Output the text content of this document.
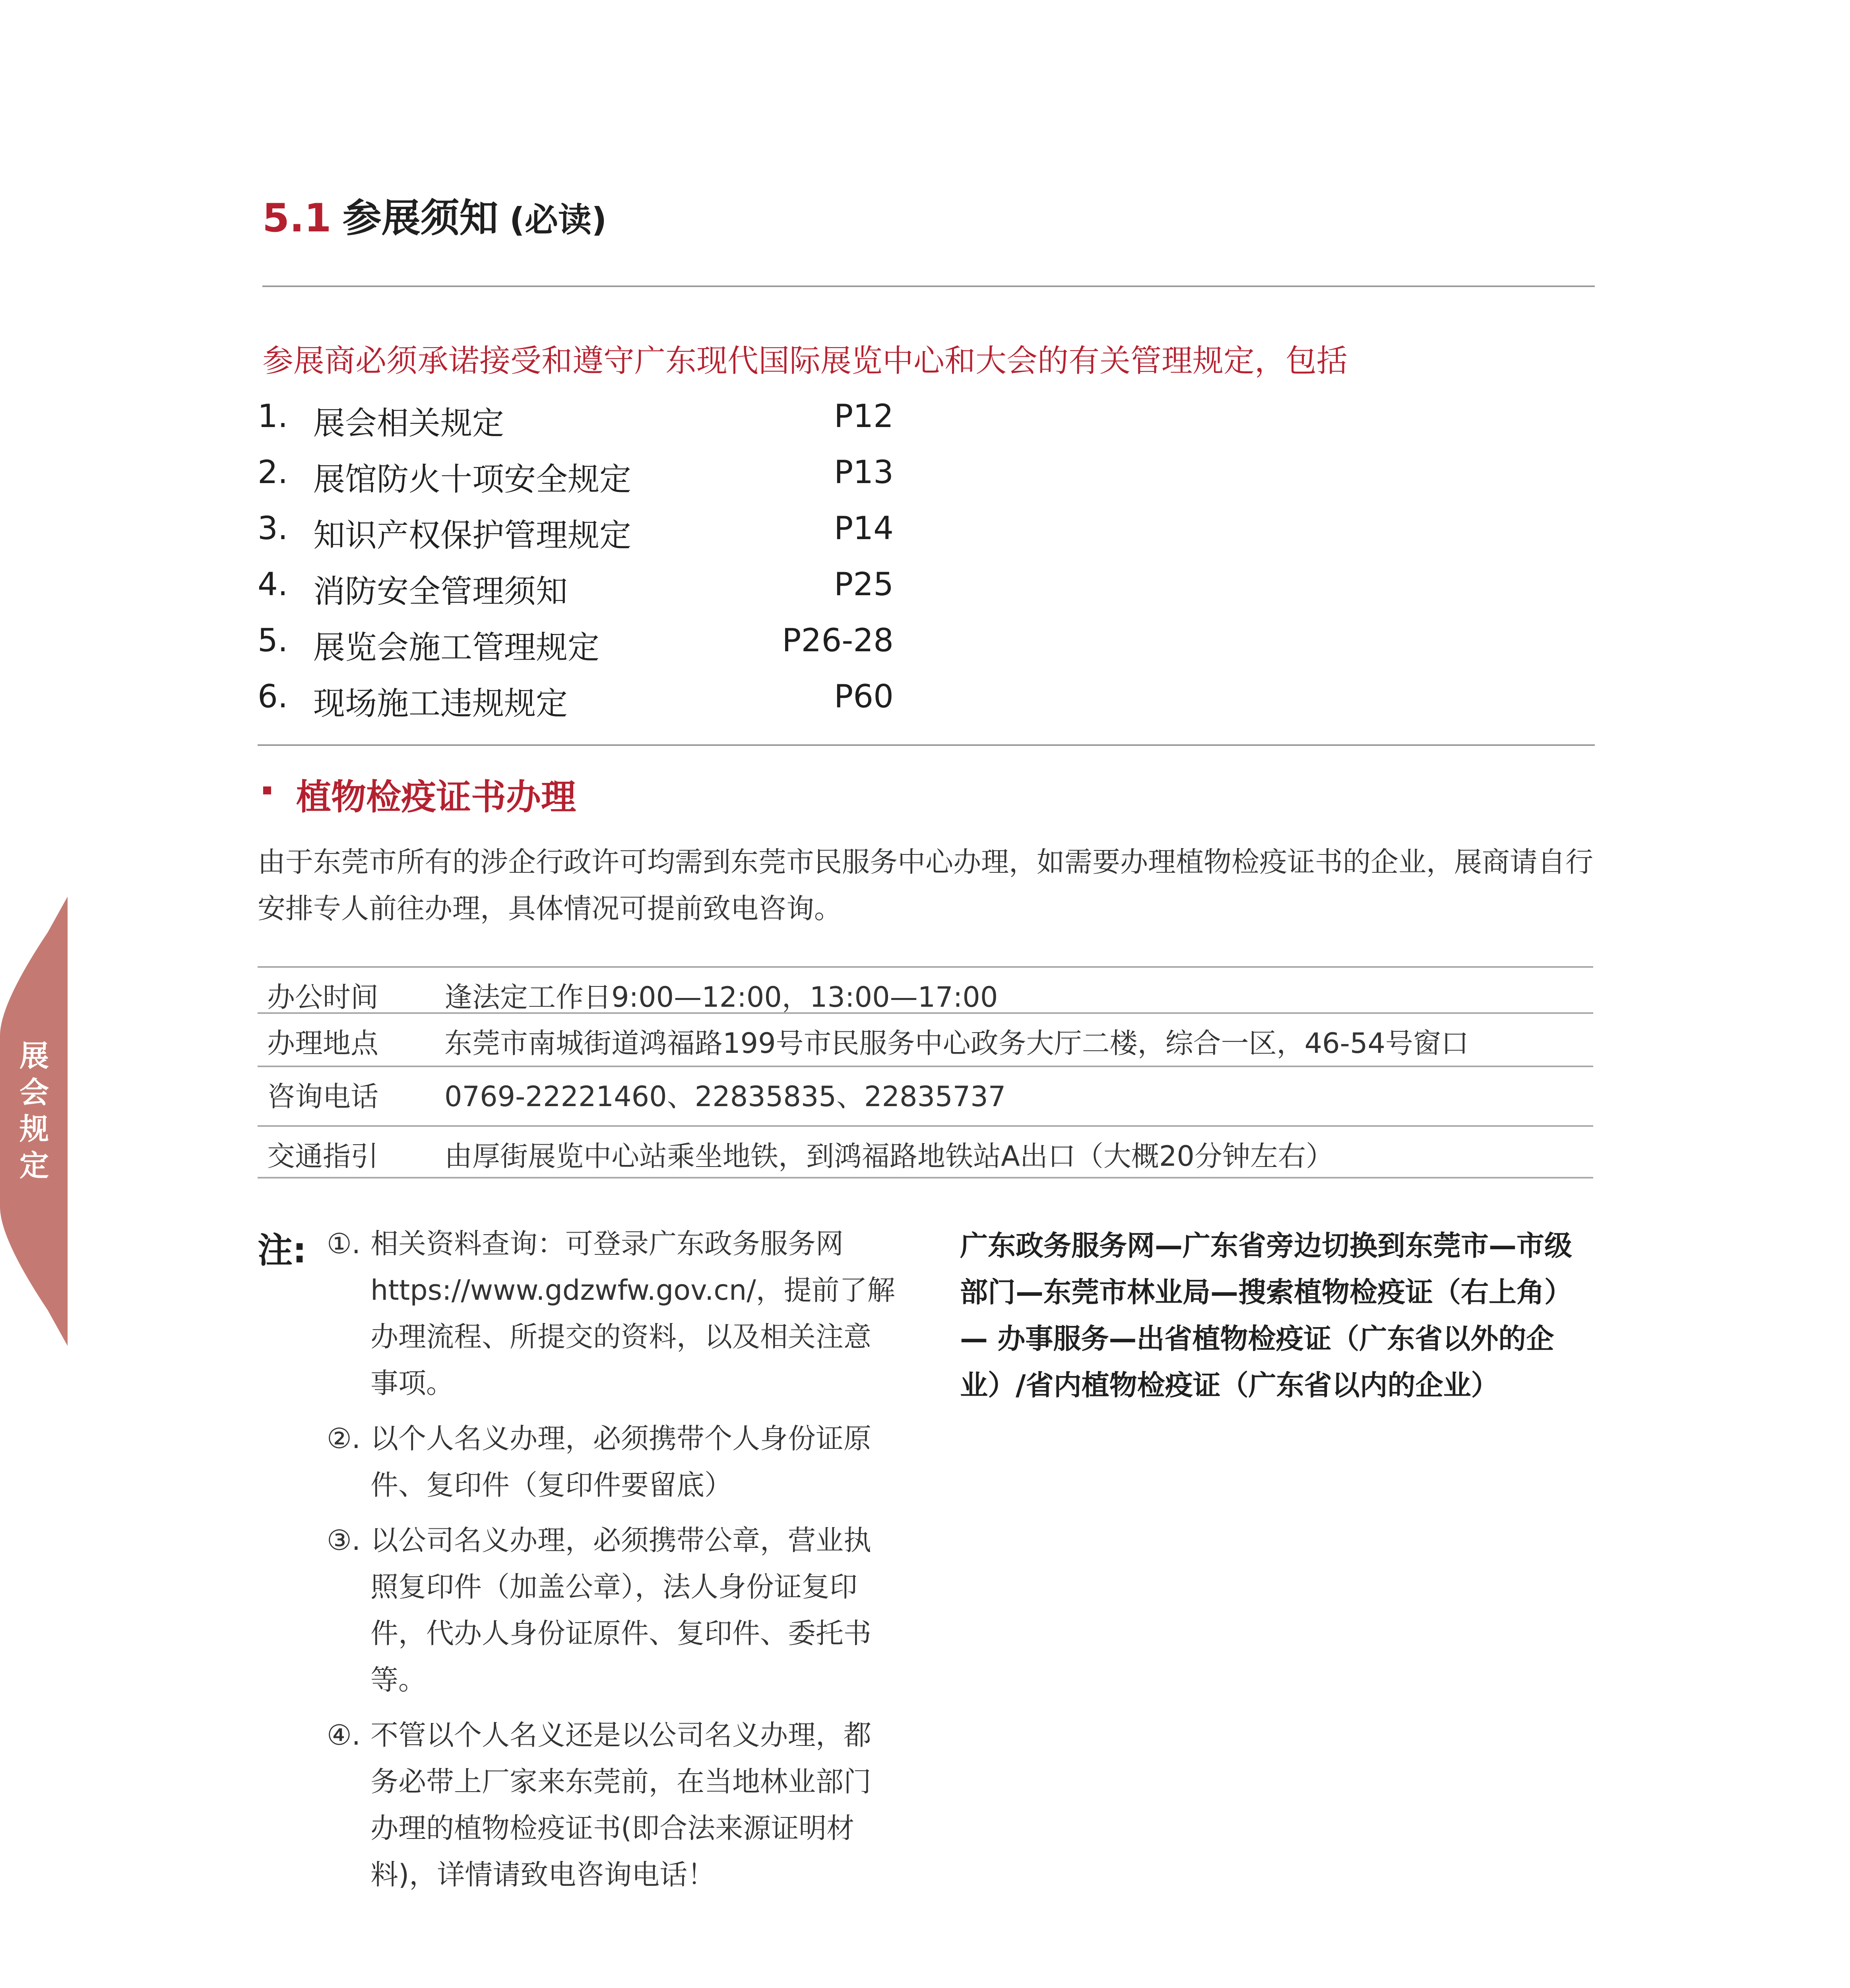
5.1 参展须知 (必读)
参展商必须承诺接受和遵守广东现代国际展览中心和大会的有关管理规定，包括
1. 展会相关规定	P12
2. 展馆防火十项安全规定	P13
3. 知识产权保护管理规定	P14
4. 消防安全管理须知	P25
5. 展览会施工管理规定	P26-28
6. 现场施工违规规定	P60
植物检疫证书办理
由于东莞市所有的涉企行政许可均需到东莞市民服务中心办理，如需要办理植物检疫证书的企业，展商请自行安排专人前往办理，具体情况可提前致电咨询。
办公时间 逢法定工作日9:00—12:00，13:00—17:00
办理地点 东莞市南城街道鸿福路199号市民服务中心政务大厅二楼，综合一区，46-54号窗口
咨询电话 0769-22221460、22835835、22835737
交通指引 由厚街展览中心站乘坐地铁，到鸿福路地铁站A出口（大概20分钟左右）
注: ①. 相关资料查询：可登录广东政务服务网https://www.gdzwfw.gov.cn/，提前了解办理流程、所提交的资料，以及相关注意事项。
②. 以个人名义办理，必须携带个人身份证原件、复印件（复印件要留底）
③. 以公司名义办理，必须携带公章，营业执照复印件（加盖公章），法人身份证复印件，代办人身份证原件、复印件、委托书等。
④. 不管以个人名义还是以公司名义办理，都务必带上厂家来东莞前，在当地林业部门办理的植物检疫证书(即合法来源证明材料)，详情请致电咨询电话！
广东政务服务网—广东省旁边切换到东莞市—市级部门—东莞市林业局—搜索植物检疫证（右上角）— 办事服务—出省植物检疫证（广东省以外的企业）/省内植物检疫证（广东省以内的企业）
展会规定
